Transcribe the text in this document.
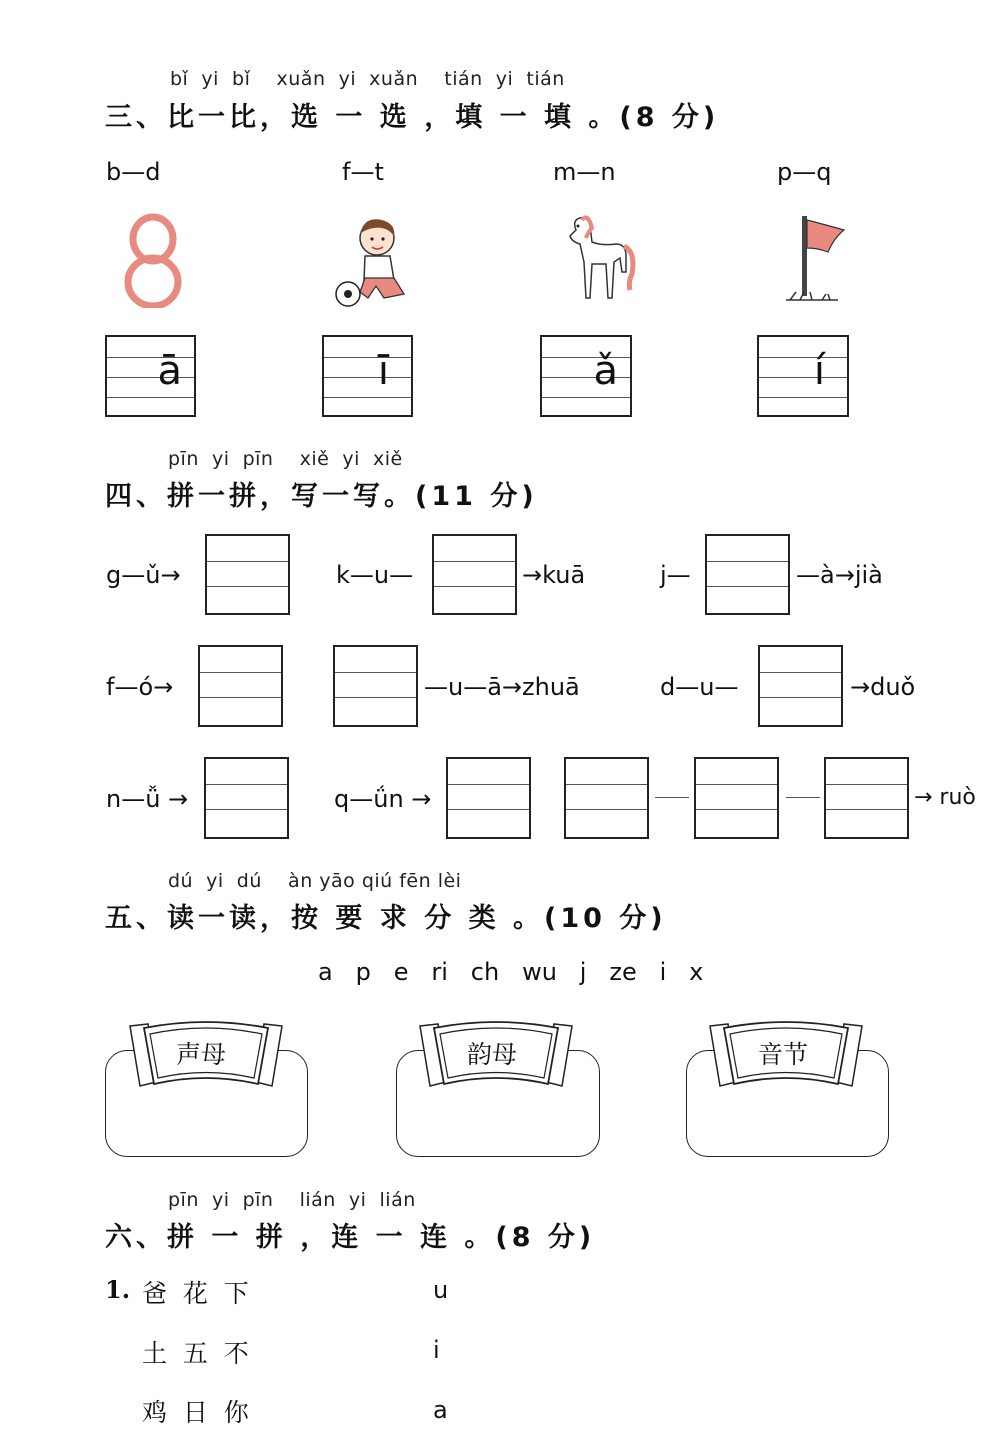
bǐ  yi  bǐ    xuǎn  yi  xuǎn    tián  yi  tián
三、比一比，选 一 选 ，填 一 填 。(8 分)
b—d	f—t	m—n	p—q
ā	ī	ǎ	í
pīn  yi  pīn    xiě  yi  xiě
四、拼一拼，写一写。(11 分)
g—ǔ→	k—u—	→kuā	j—	—à→jià
f—ó→	—u—ā→zhuā	d—u—	→duǒ
n—ǚ →	q—ǘn →	→ ruò
dú  yi  dú    àn yāo qiú fēn lèi
五、读一读，按 要 求 分 类 。(10 分)
a   p   e   ri   ch   wu   j   ze   i   x
声母	韵母	音节
pīn  yi  pīn    lián  yi  lián
六、拼 一 拼 ，连 一 连 。(8 分)
1. 爸  花  下	u
土  五  不	i
鸡  日  你	a
